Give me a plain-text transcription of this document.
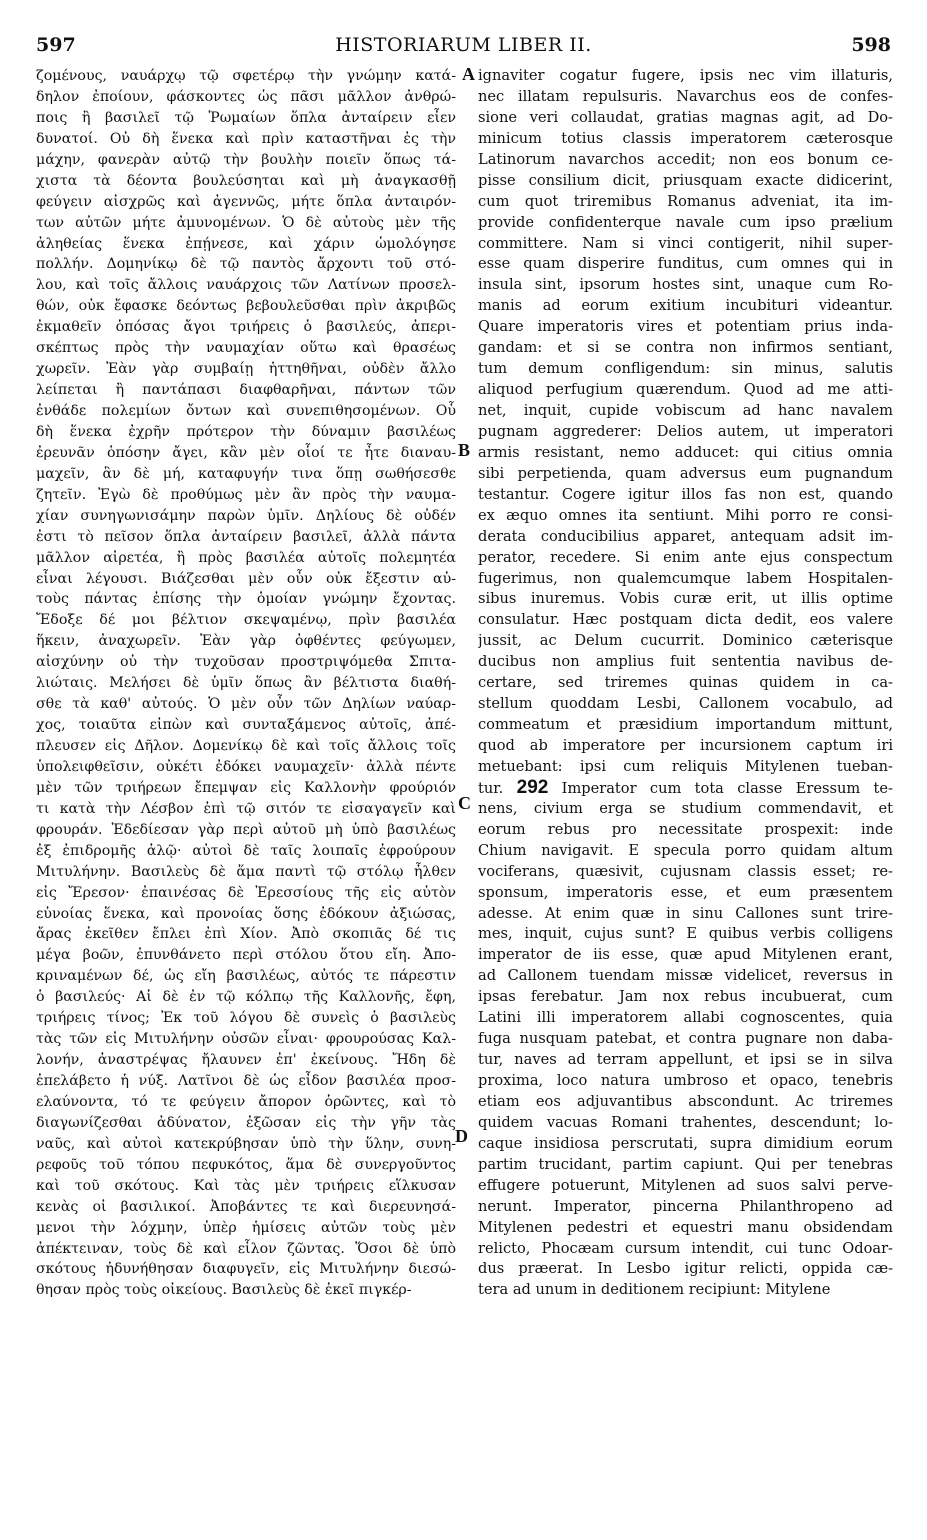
597	HISTORIARUM LIBER II.	598
ζομένους, ναυάρχῳ τῷ σφετέρῳ τὴν γνώμην κατά-
δηλον ἐποίουν, φάσκοντες ὡς πᾶσι μᾶλλον ἀνθρώ-
ποις ἢ βασιλεῖ τῷ Ῥωμαίων ὅπλα ἀνταίρειν εἶεν
δυνατοί. Οὐ δὴ ἕνεκα καὶ πρὶν καταστῆναι ἐς τὴν
μάχην, φανερὰν αὐτῷ τὴν βουλὴν ποιεῖν ὅπως τά-
χιστα τὰ δέοντα βουλεύσηται καὶ μὴ ἀναγκασθῇ
φεύγειν αἰσχρῶς καὶ ἀγεννῶς, μήτε ὅπλα ἀνταιρόν-
των αὐτῶν μήτε ἀμυνομένων. Ὁ δὲ αὐτοὺς μὲν τῆς
ἀληθείας ἕνεκα ἐπῄνεσε, καὶ χάριν ὡμολόγησε
πολλήν. Δομηνίκῳ δὲ τῷ παντὸς ἄρχοντι τοῦ στό-
λου, καὶ τοῖς ἄλλοις ναυάρχοις τῶν Λατίνων προσελ-
θών, οὐκ ἔφασκε δεόντως βεβουλεῦσθαι πρὶν ἀκριβῶς
ἐκμαθεῖν ὁπόσας ἄγοι τριήρεις ὁ βασιλεύς, ἀπερι-
σκέπτως πρὸς τὴν ναυμαχίαν οὕτω καὶ θρασέως
χωρεῖν. Ἐὰν γὰρ συμβαίῃ ἡττηθῆναι, οὐδὲν ἄλλο
λείπεται ἢ παντάπασι διαφθαρῆναι, πάντων τῶν
ἐνθάδε πολεμίων ὄντων καὶ συνεπιθησομένων. Οὗ
δὴ ἕνεκα ἐχρῆν πρότερον τὴν δύναμιν βασιλέως
ἐρευνᾶν ὁπόσην ἄγει, κἂν μὲν οἷοί τε ἦτε διαναυ-
μαχεῖν, ἂν δὲ μή, καταφυγήν τινα ὅπῃ σωθήσεσθε
ζητεῖν. Ἐγὼ δὲ προθύμως μὲν ἂν πρὸς τὴν ναυμα-
χίαν συνηγωνισάμην παρὼν ὑμῖν. Δηλίους δὲ οὐδέν
ἐστι τὸ πεῖσον ὅπλα ἀνταίρειν βασιλεῖ, ἀλλὰ πάντα
μᾶλλον αἱρετέα, ἢ πρὸς βασιλέα αὐτοῖς πολεμητέα
εἶναι λέγουσι. Βιάζεσθαι μὲν οὖν οὐκ ἔξεστιν αὐ-
τοὺς πάντας ἐπίσης τὴν ὁμοίαν γνώμην ἔχοντας.
Ἔδοξε δέ μοι βέλτιον σκεψαμένῳ, πρὶν βασιλέα
ἥκειν, ἀναχωρεῖν. Ἐὰν γὰρ ὀφθέντες φεύγωμεν,
αἰσχύνην οὐ τὴν τυχοῦσαν προστριψόμεθα Σπιτα-
λιώταις. Μελήσει δὲ ὑμῖν ὅπως ἂν βέλτιστα διαθή-
σθε τὰ καθ' αὐτούς. Ὁ μὲν οὖν τῶν Δηλίων ναύαρ-
χος, τοιαῦτα εἰπὼν καὶ συνταξάμενος αὐτοῖς, ἀπέ-
πλευσεν εἰς Δῆλον. Δομενίκῳ δὲ καὶ τοῖς ἄλλοις τοῖς
ὑπολειφθεῖσιν, οὐκέτι ἐδόκει ναυμαχεῖν· ἀλλὰ πέντε
μὲν τῶν τριήρεων ἔπεμψαν εἰς Καλλονὴν φρούριόν
τι κατὰ τὴν Λέσβον ἐπὶ τῷ σιτόν τε εἰσαγαγεῖν καὶ
φρουράν. Ἐδεδίεσαν γὰρ περὶ αὐτοῦ μὴ ὑπὸ βασιλέως
ἐξ ἐπιδρομῆς ἁλῷ· αὐτοὶ δὲ ταῖς λοιπαῖς ἐφρούρουν
Μιτυλήνην. Βασιλεὺς δὲ ἅμα παντὶ τῷ στόλῳ ἦλθεν
εἰς Ἔρεσον· ἐπαινέσας δὲ Ἐρεσσίους τῆς εἰς αὐτὸν
εὐνοίας ἕνεκα, καὶ προνοίας ὅσης ἐδόκουν ἀξιώσας,
ἄρας ἐκεῖθεν ἔπλει ἐπὶ Χίον. Ἀπὸ σκοπιᾶς δέ τις
μέγα βοῶν, ἐπυνθάνετο περὶ στόλου ὅτου εἴη. Ἀπο-
κριναμένων δέ, ὡς εἴη βασιλέως, αὐτός τε πάρεστιν
ὁ βασιλεύς· Αἱ δὲ ἐν τῷ κόλπῳ τῆς Καλλονῆς, ἔφη,
τριήρεις τίνος; Ἐκ τοῦ λόγου δὲ συνεὶς ὁ βασιλεὺς
τὰς τῶν εἰς Μιτυλήνην οὐσῶν εἶναι· φρουρούσας Καλ-
λονήν, ἀναστρέψας ἤλαυνεν ἐπ' ἐκείνους. Ἤδη δὲ
ἐπελάβετο ἡ νύξ. Λατῖνοι δὲ ὡς εἶδον βασιλέα προσ-
ελαύνοντα, τό τε φεύγειν ἄπορον ὁρῶντες, καὶ τὸ
διαγωνίζεσθαι ἀδύνατον, ἐξῶσαν εἰς τὴν γῆν τὰς
ναῦς, καὶ αὐτοὶ κατεκρύβησαν ὑπὸ τὴν ὕλην, συνη-
ρεφοῦς τοῦ τόπου πεφυκότος, ἅμα δὲ συνεργοῦντος
καὶ τοῦ σκότους. Καὶ τὰς μὲν τριήρεις εἵλκυσαν
κενὰς οἱ βασιλικοί. Ἀποβάντες τε καὶ διερευνησά-
μενοι τὴν λόχμην, ὑπὲρ ἡμίσεις αὐτῶν τοὺς μὲν
ἀπέκτειναν, τοὺς δὲ καὶ εἷλον ζῶντας. Ὅσοι δὲ ὑπὸ
σκότους ἠδυνήθησαν διαφυγεῖν, εἰς Μιτυλήνην διεσώ-
θησαν πρὸς τοὺς οἰκείους. Βασιλεὺς δὲ ἐκεῖ πιγκέρ-
ignaviter cogatur fugere, ipsis nec vim illaturis,
nec illatam repulsuris. Navarchus eos de confes-
sione veri collaudat, gratias magnas agit, ad Do-
minicum totius classis imperatorem cæterosque
Latinorum navarchos accedit; non eos bonum ce-
pisse consilium dicit, priusquam exacte didicerint,
cum quot triremibus Romanus adveniat, ita im-
provide confidenterque navale cum ipso prælium
committere. Nam si vinci contigerit, nihil super-
esse quam disperire funditus, cum omnes qui in
insula sint, ipsorum hostes sint, unaque cum Ro-
manis ad eorum exitium incubituri videantur.
Quare imperatoris vires et potentiam prius inda-
gandam: et si se contra non infirmos sentiant,
tum demum confligendum: sin minus, salutis
aliquod perfugium quærendum. Quod ad me atti-
net, inquit, cupide vobiscum ad hanc navalem
pugnam aggrederer: Delios autem, ut imperatori
armis resistant, nemo adducet: qui citius omnia
sibi perpetienda, quam adversus eum pugnandum
testantur. Cogere igitur illos fas non est, quando
ex æquo omnes ita sentiunt. Mihi porro re consi-
derata conducibilius apparet, antequam adsit im-
perator, recedere. Si enim ante ejus conspectum
fugerimus, non qualemcumque labem Hospitalen-
sibus inuremus. Vobis curæ erit, ut illis optime
consulatur. Hæc postquam dicta dedit, eos valere
jussit, ac Delum cucurrit. Dominico cæterisque
ducibus non amplius fuit sententia navibus de-
certare, sed triremes quinas quidem in ca-
stellum quoddam Lesbi, Callonem vocabulo, ad
commeatum et præsidium importandum mittunt,
quod ab imperatore per incursionem captum iri
metuebant: ipsi cum reliquis Mitylenen tueban-
tur. 292 Imperator cum tota classe Eressum te-
nens, civium erga se studium commendavit, et
eorum rebus pro necessitate prospexit: inde
Chium navigavit. E specula porro quidam altum
vociferans, quæsivit, cujusnam classis esset; re-
sponsum, imperatoris esse, et eum præsentem
adesse. At enim quæ in sinu Callones sunt trire-
mes, inquit, cujus sunt? E quibus verbis colligens
imperator de iis esse, quæ apud Mitylenen erant,
ad Callonem tuendam missæ videlicet, reversus in
ipsas ferebatur. Jam nox rebus incubuerat, cum
Latini illi imperatorem allabi cognoscentes, quia
fuga nusquam patebat, et contra pugnare non daba-
tur, naves ad terram appellunt, et ipsi se in silva
proxima, loco natura umbroso et opaco, tenebris
etiam eos adjuvantibus abscondunt. Ac triremes
quidem vacuas Romani trahentes, descendunt; lo-
caque insidiosa perscrutati, supra dimidium eorum
partim trucidant, partim capiunt. Qui per tenebras
effugere potuerunt, Mitylenen ad suos salvi perve-
nerunt. Imperator, pincerna Philanthropeno ad
Mitylenen pedestri et equestri manu obsidendam
relicto, Phocæam cursum intendit, cui tunc Odoar-
dus præerat. In Lesbo igitur relicti, oppida cæ-
tera ad unum in deditionem recipiunt: Mitylene
A
B
C
D
